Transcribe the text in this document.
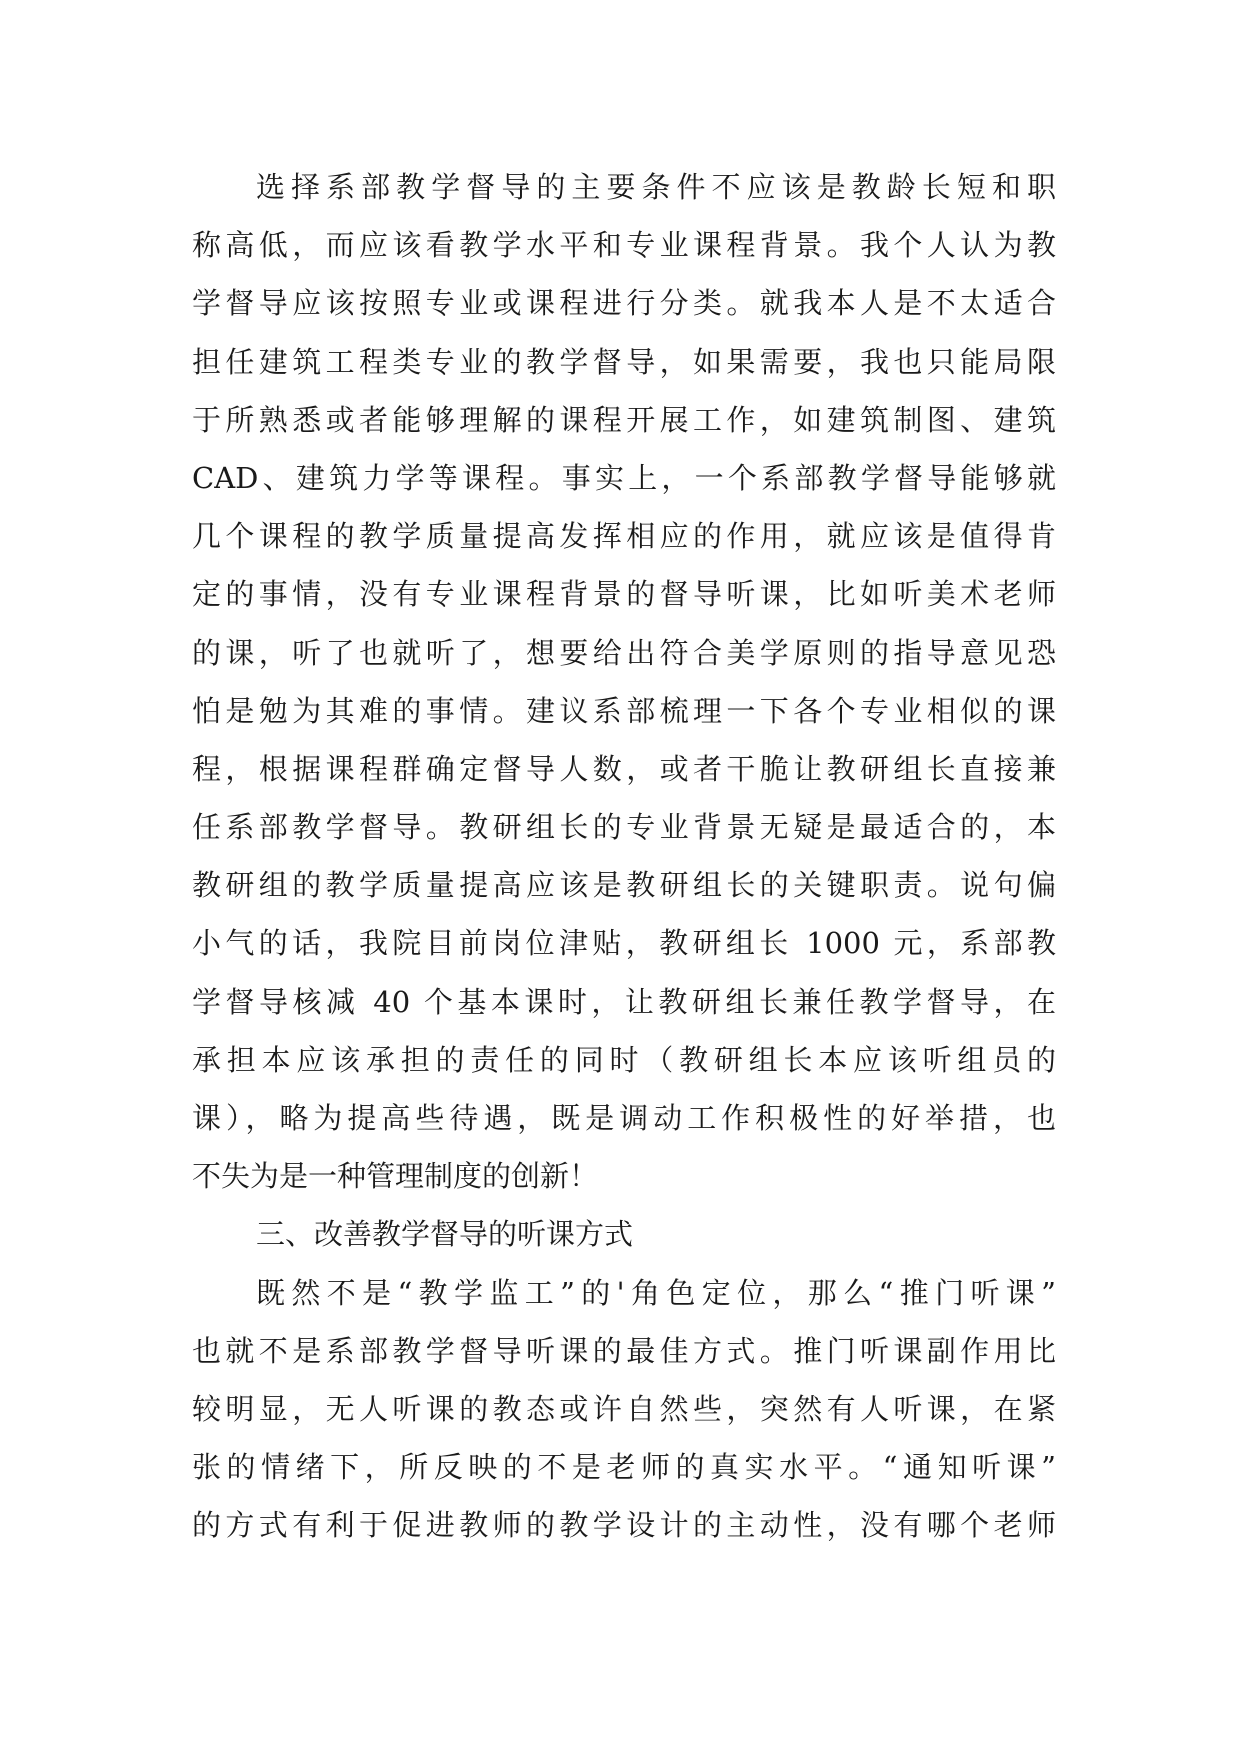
选择系部教学督导的主要条件不应该是教龄长短和职
称高低，而应该看教学水平和专业课程背景。我个人认为教
学督导应该按照专业或课程进行分类。就我本人是不太适合
担任建筑工程类专业的教学督导，如果需要，我也只能局限
于所熟悉或者能够理解的课程开展工作，如建筑制图、建筑
CAD、建筑力学等课程。事实上，一个系部教学督导能够就
几个课程的教学质量提高发挥相应的作用，就应该是值得肯
定的事情，没有专业课程背景的督导听课，比如听美术老师
的课，听了也就听了，想要给出符合美学原则的指导意见恐
怕是勉为其难的事情。建议系部梳理一下各个专业相似的课
程，根据课程群确定督导人数，或者干脆让教研组长直接兼
任系部教学督导。教研组长的专业背景无疑是最适合的，本
教研组的教学质量提高应该是教研组长的关键职责。说句偏
小气的话，我院目前岗位津贴，教研组长 1000 元，系部教
学督导核减 40 个基本课时，让教研组长兼任教学督导，在
承担本应该承担的责任的同时（教研组长本应该听组员的
课），略为提高些待遇，既是调动工作积极性的好举措，也
不失为是一种管理制度的创新！
三、改善教学督导的听课方式
既然不是“教学监工”的'角色定位，那么“推门听课”
也就不是系部教学督导听课的最佳方式。推门听课副作用比
较明显，无人听课的教态或许自然些，突然有人听课，在紧
张的情绪下，所反映的不是老师的真实水平。“通知听课”
的方式有利于促进教师的教学设计的主动性，没有哪个老师
